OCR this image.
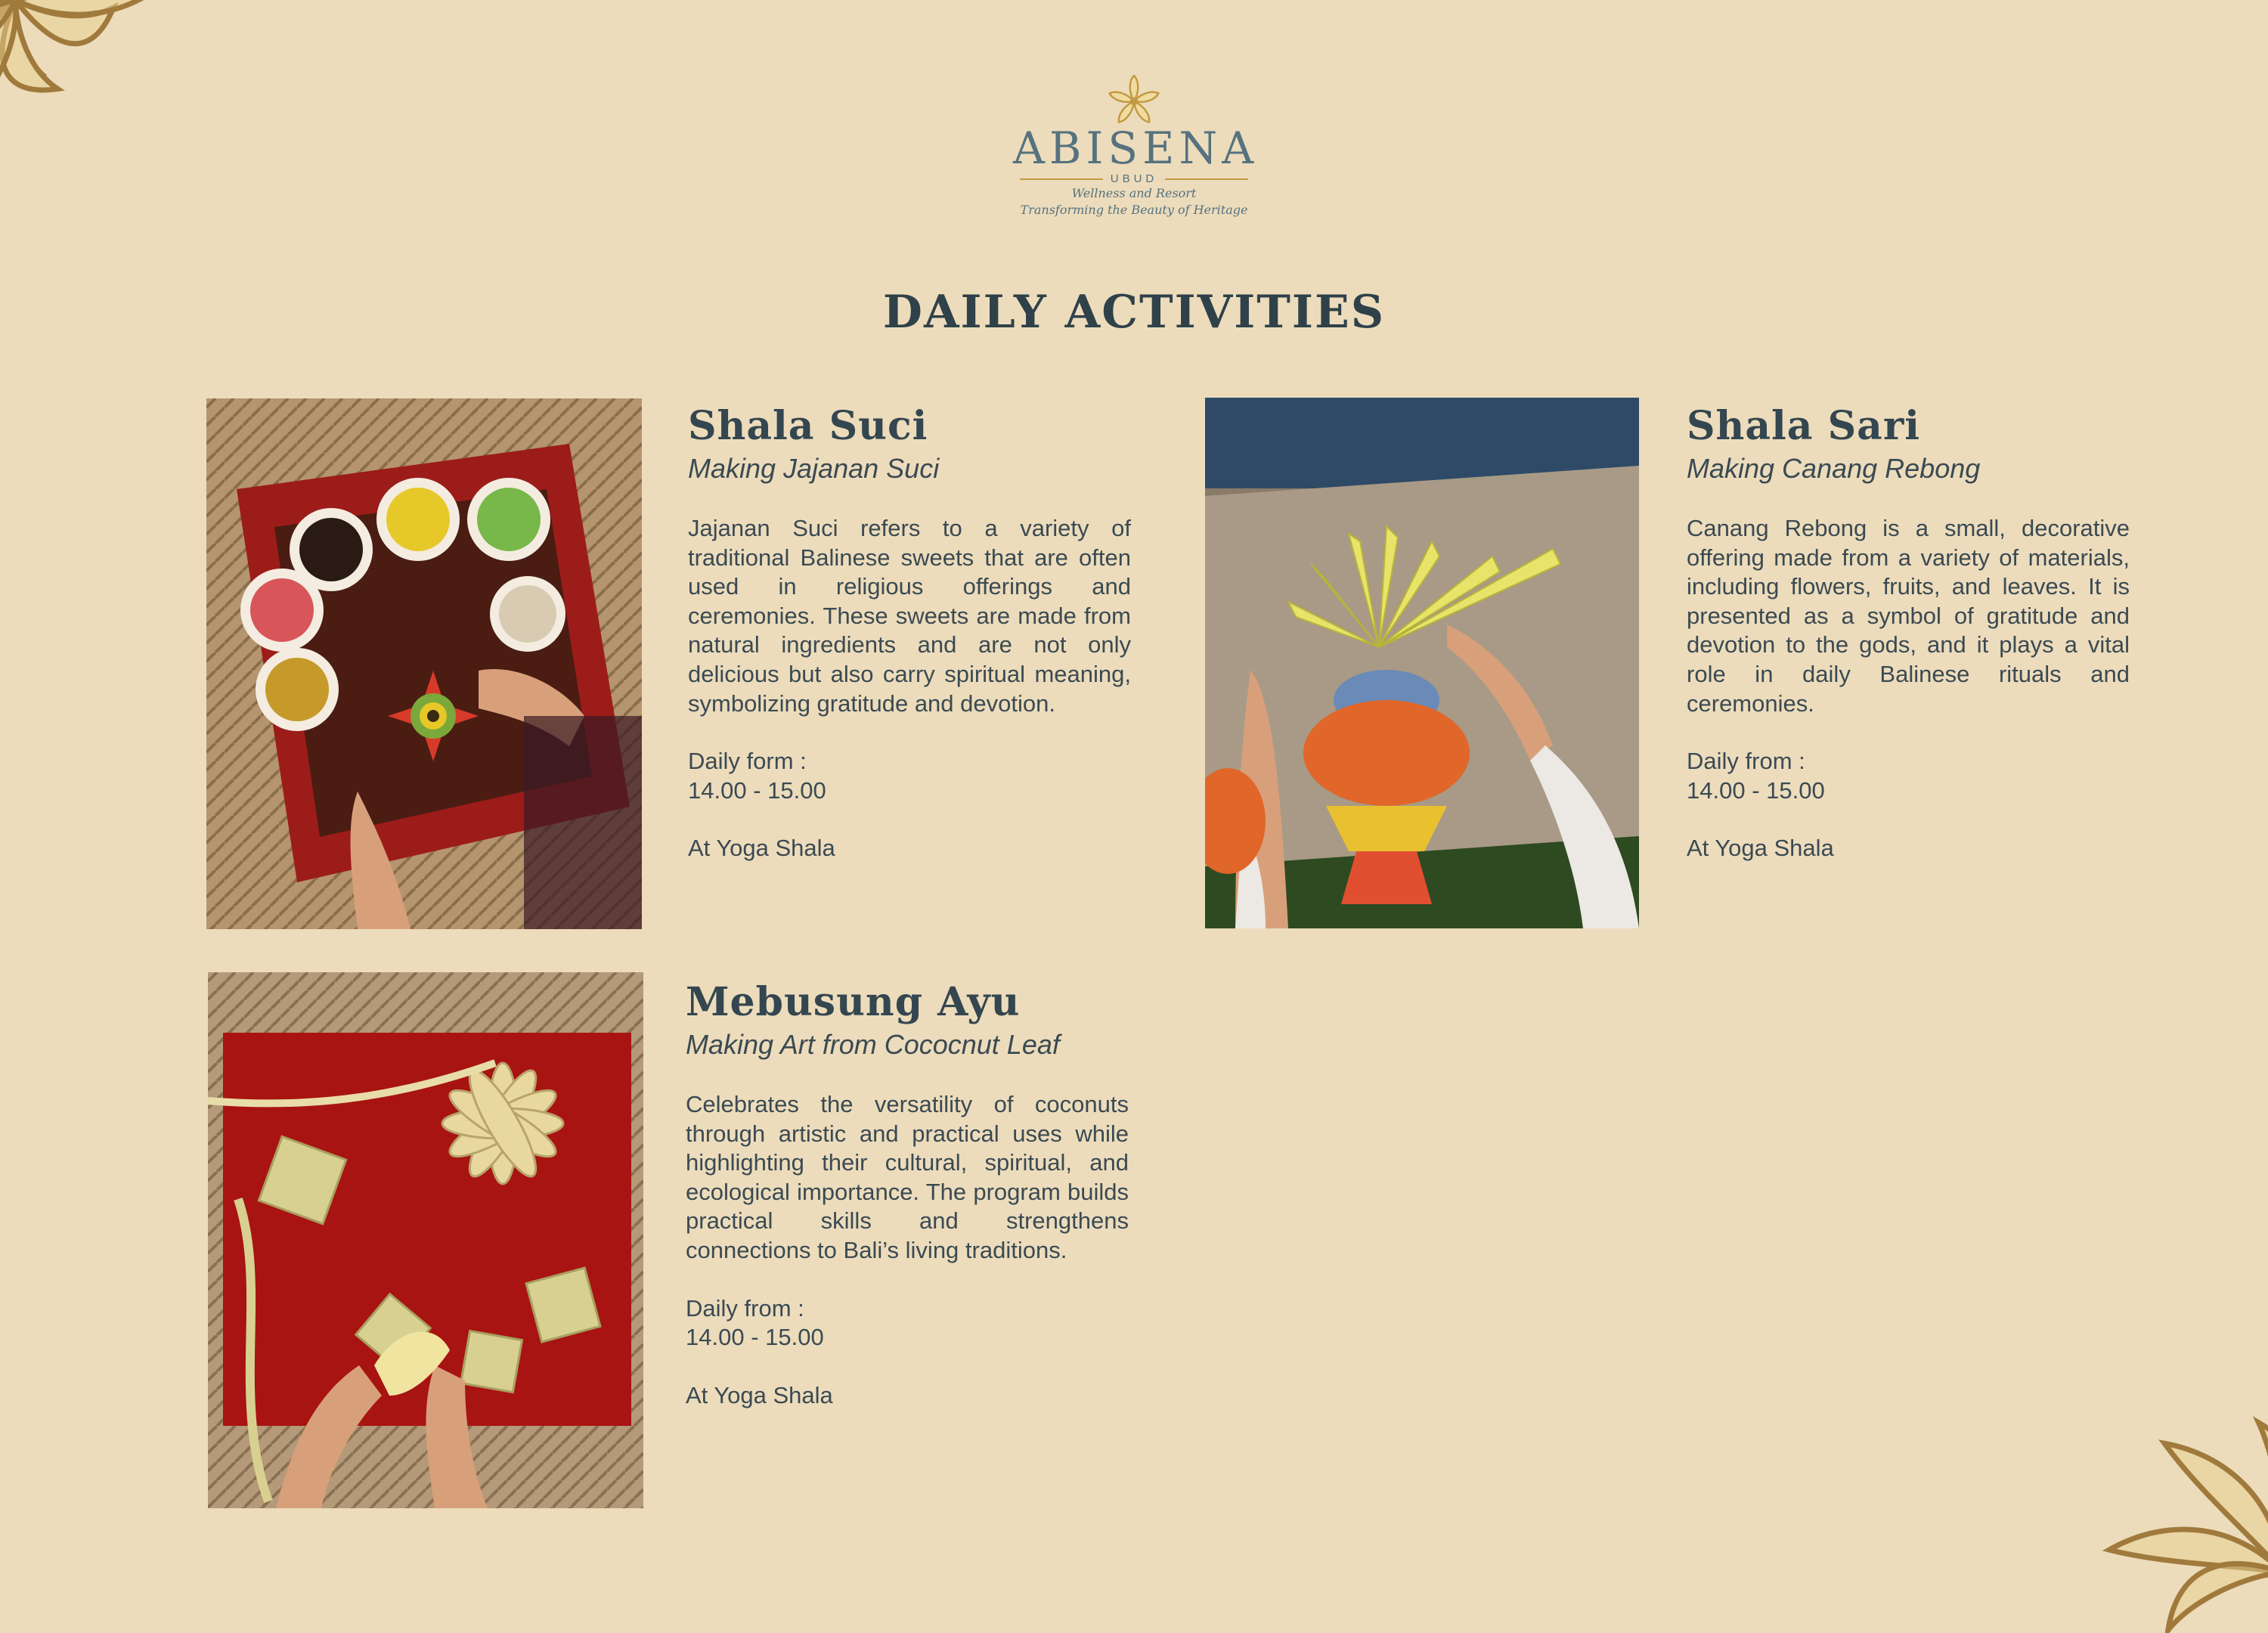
ABISENA
UBUD
Wellness and Resort
Transforming the Beauty of Heritage
DAILY ACTIVITIES
Shala Suci
Making Jajanan Suci
Jajanan Suci refers to a variety of traditional Balinese sweets that are often used in religious offerings and ceremonies. These sweets are made from natural ingredients and are not only delicious but also carry spiritual meaning, symbolizing gratitude and devotion.
Daily form :
14.00 - 15.00
At Yoga Shala
Shala Sari
Making Canang Rebong
Canang Rebong is a small, decorative offering made from a variety of materials, including flowers, fruits, and leaves. It is presented as a symbol of gratitude and devotion to the gods, and it plays a vital role in daily Balinese rituals and ceremonies.
Daily from :
14.00 - 15.00
At Yoga Shala
Mebusung Ayu
Making Art from Cococnut Leaf
Celebrates the versatility of coconuts through artistic and practical uses while highlighting their cultural, spiritual, and ecological importance. The program builds practical skills and strengthens connections to Bali’s living traditions.
Daily from :
14.00 - 15.00
At Yoga Shala
